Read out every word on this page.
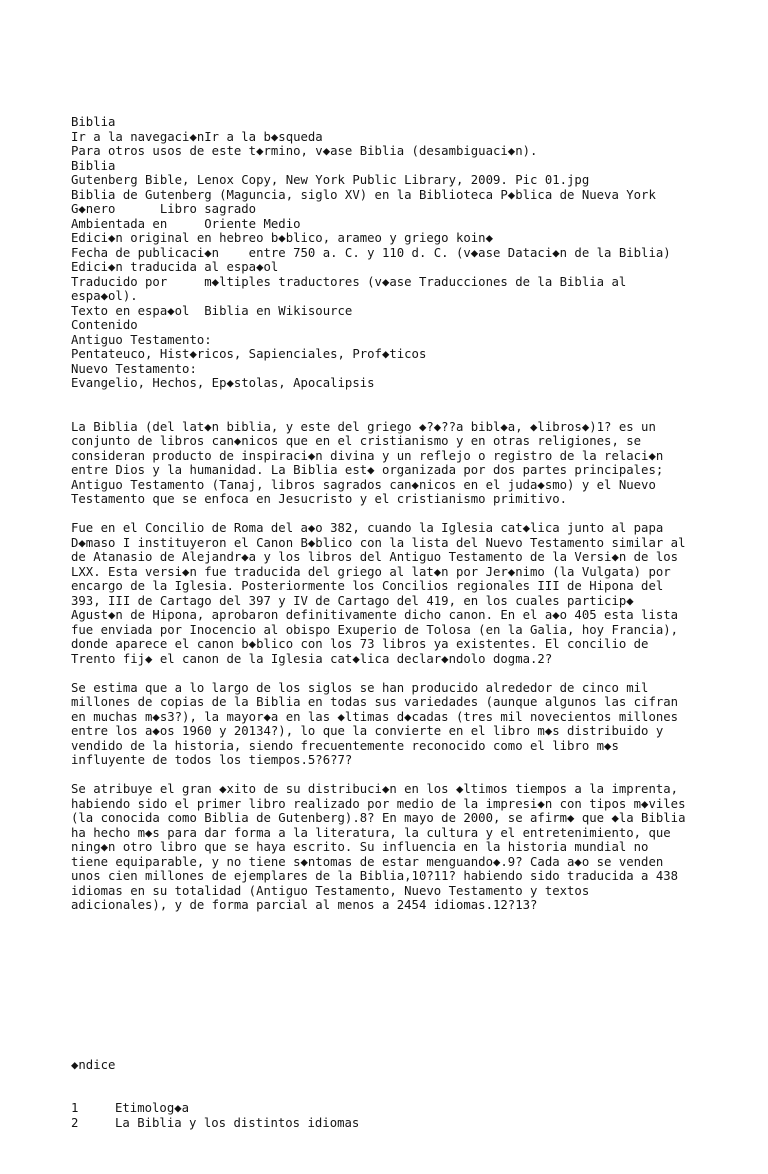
Biblia
Ir a la navegaci◆nIr a la b◆squeda
Para otros usos de este t◆rmino, v◆ase Biblia (desambiguaci◆n).
Biblia
Gutenberg Bible, Lenox Copy, New York Public Library, 2009. Pic 01.jpg
Biblia de Gutenberg (Maguncia, siglo XV) en la Biblioteca P◆blica de Nueva York
G◆nero      Libro sagrado
Ambientada en     Oriente Medio
Edici◆n original en hebreo b◆blico, arameo y griego koin◆
Fecha de publicaci◆n    entre 750 a. C. y 110 d. C. (v◆ase Dataci◆n de la Biblia)
Edici◆n traducida al espa◆ol
Traducido por     m◆ltiples traductores (v◆ase Traducciones de la Biblia al
espa◆ol).
Texto en espa◆ol  Biblia en Wikisource
Contenido
Antiguo Testamento:
Pentateuco, Hist◆ricos, Sapienciales, Prof◆ticos
Nuevo Testamento:
Evangelio, Hechos, Ep◆stolas, Apocalipsis

La Biblia (del lat◆n biblia, y este del griego ◆?◆??a bibl◆a, ◆libros◆)1? es un
conjunto de libros can◆nicos que en el cristianismo y en otras religiones, se
consideran producto de inspiraci◆n divina y un reflejo o registro de la relaci◆n
entre Dios y la humanidad. La Biblia est◆ organizada por dos partes principales;
Antiguo Testamento (Tanaj, libros sagrados can◆nicos en el juda◆smo) y el Nuevo
Testamento que se enfoca en Jesucristo y el cristianismo primitivo.
Fue en el Concilio de Roma del a◆o 382, cuando la Iglesia cat◆lica junto al papa
D◆maso I instituyeron el Canon B◆blico con la lista del Nuevo Testamento similar al
de Atanasio de Alejandr◆a y los libros del Antiguo Testamento de la Versi◆n de los
LXX. Esta versi◆n fue traducida del griego al lat◆n por Jer◆nimo (la Vulgata) por
encargo de la Iglesia. Posteriormente los Concilios regionales III de Hipona del
393, III de Cartago del 397 y IV de Cartago del 419, en los cuales particip◆
Agust◆n de Hipona, aprobaron definitivamente dicho canon. En el a◆o 405 esta lista
fue enviada por Inocencio al obispo Exuperio de Tolosa (en la Galia, hoy Francia),
donde aparece el canon b◆blico con los 73 libros ya existentes. El concilio de
Trento fij◆ el canon de la Iglesia cat◆lica declar◆ndolo dogma.2?
Se estima que a lo largo de los siglos se han producido alrededor de cinco mil
millones de copias de la Biblia en todas sus variedades (aunque algunos las cifran
en muchas m◆s3?), la mayor◆a en las ◆ltimas d◆cadas (tres mil novecientos millones
entre los a◆os 1960 y 20134?), lo que la convierte en el libro m◆s distribuido y
vendido de la historia, siendo frecuentemente reconocido como el libro m◆s
influyente de todos los tiempos.5?6?7?
Se atribuye el gran ◆xito de su distribuci◆n en los ◆ltimos tiempos a la imprenta,
habiendo sido el primer libro realizado por medio de la impresi◆n con tipos m◆viles
(la conocida como Biblia de Gutenberg).8? En mayo de 2000, se afirm◆ que ◆la Biblia
ha hecho m◆s para dar forma a la literatura, la cultura y el entretenimiento, que
ning◆n otro libro que se haya escrito. Su influencia en la historia mundial no
tiene equiparable, y no tiene s◆ntomas de estar menguando◆.9? Cada a◆o se venden
unos cien millones de ejemplares de la Biblia,10?11? habiendo sido traducida a 438
idiomas en su totalidad (Antiguo Testamento, Nuevo Testamento y textos
adicionales), y de forma parcial al menos a 2454 idiomas.12?13?

◆ndice

1	Etimolog◆a
2	La Biblia y los distintos idiomas
